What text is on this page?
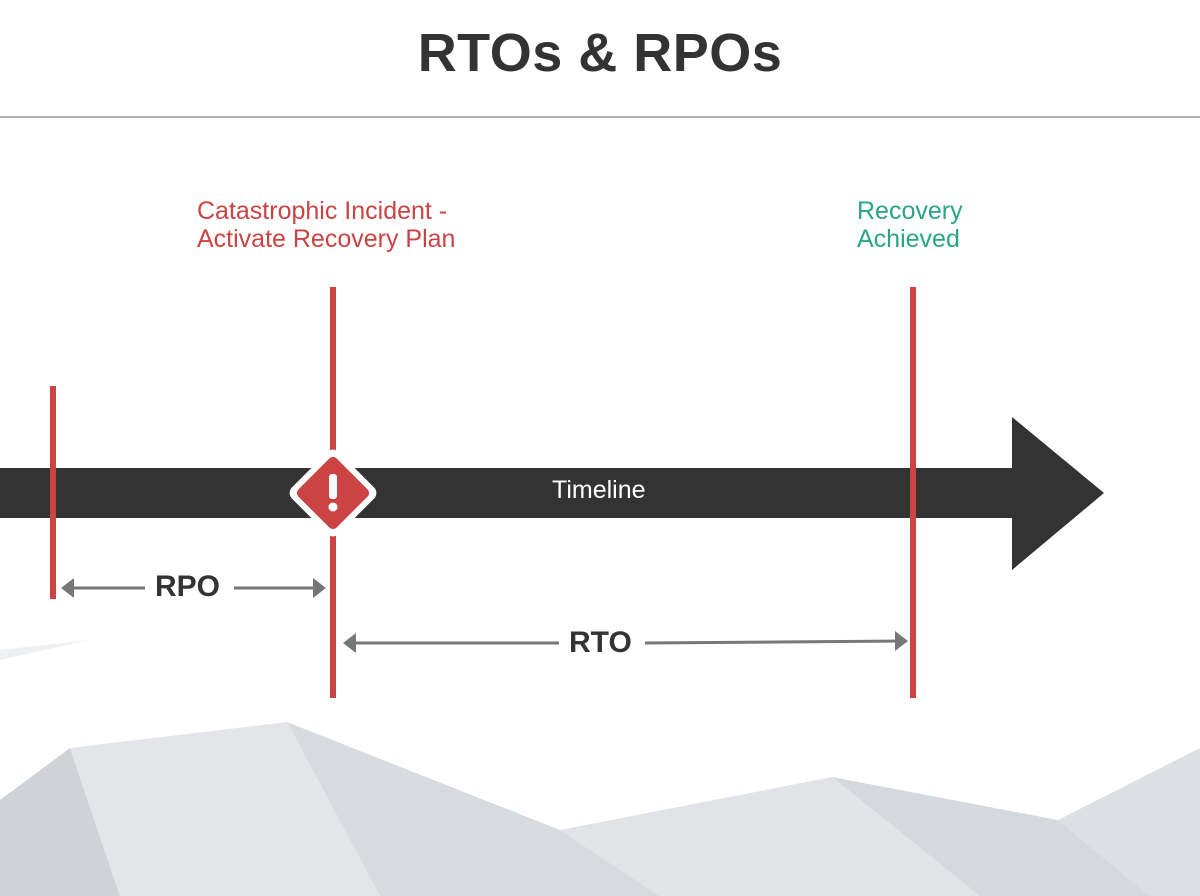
RTOs & RPOs
Catastrophic Incident -
Activate Recovery Plan
Recovery
Achieved
Timeline
RPO
RTO
